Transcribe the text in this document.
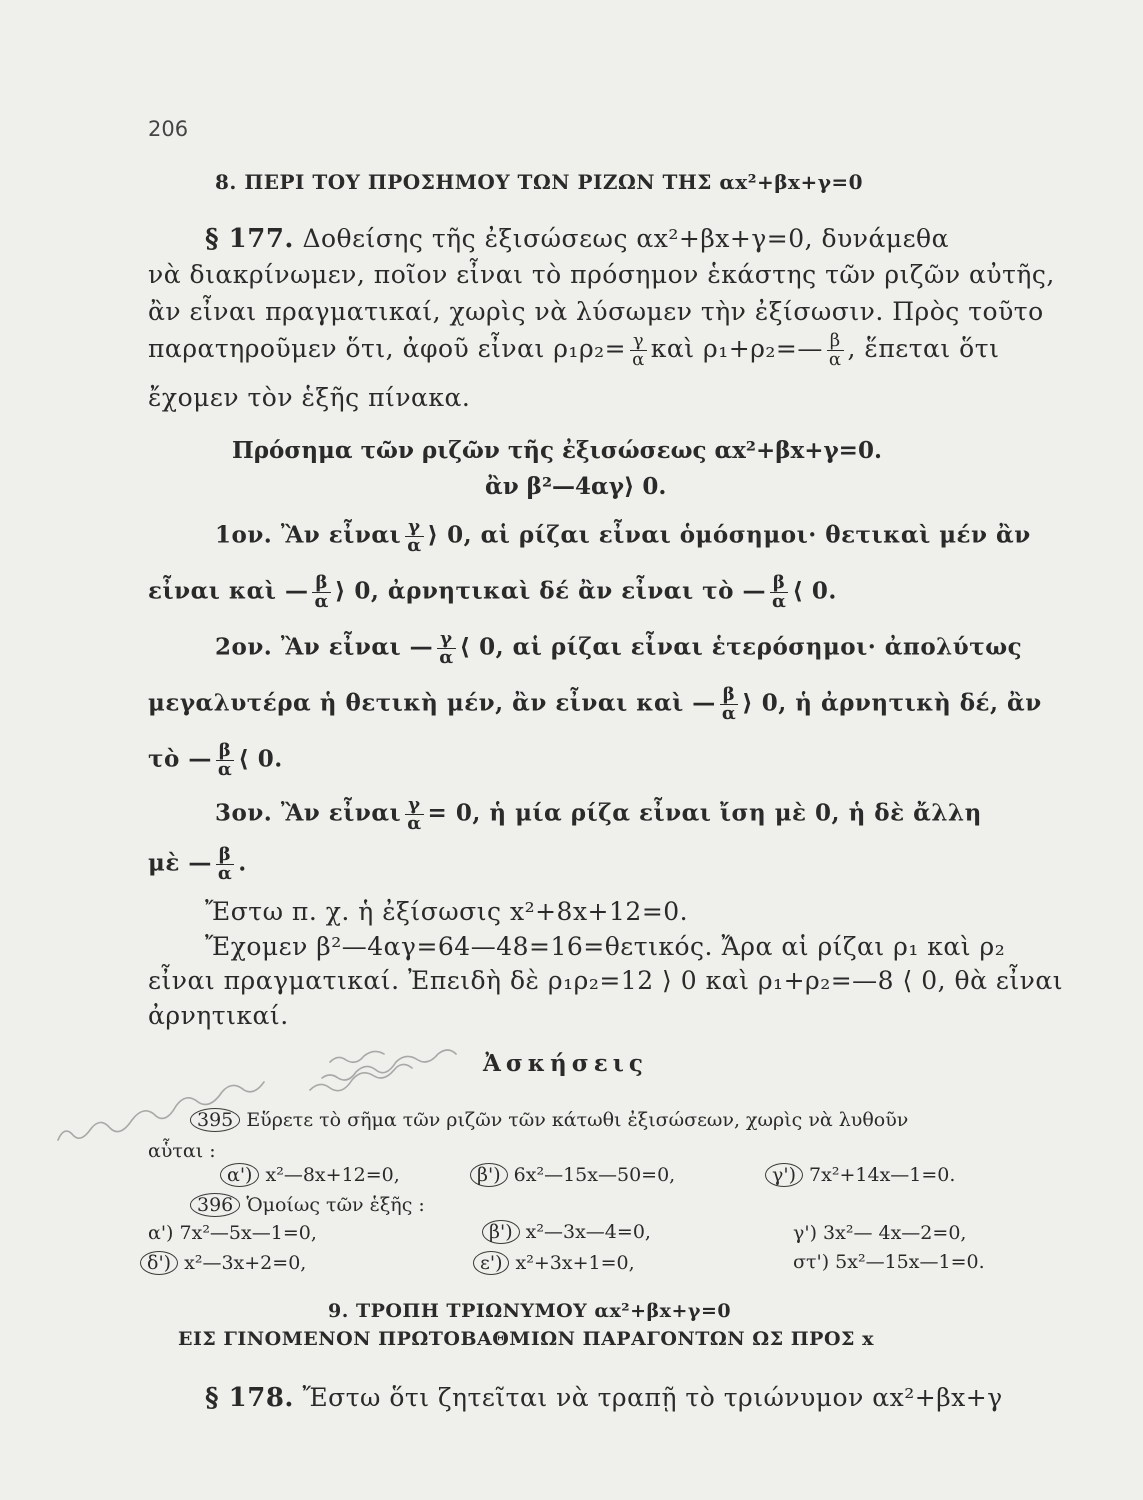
206
8. ΠΕΡΙ ΤΟΥ ΠΡΟΣΗΜΟΥ ΤΩΝ ΡΙΖΩΝ ΤΗΣ αx²+βx+γ=0
§ 177. Δοθείσης τῆς ἐξισώσεως αx²+βx+γ=0, δυνάμεθα
νὰ διακρίνωμεν, ποῖον εἶναι τὸ πρόσημον ἑκάστης τῶν ριζῶν αὐτῆς,
ἂν εἶναι πραγματικαί, χωρὶς νὰ λύσωμεν τὴν ἐξίσωσιν. Πρὸς τοῦτο
παρατηροῦμεν ὅτι, ἀφοῦ εἶναι $\rho_1\rho_2= \frac{\gamma}{\alpha}$ καὶ ρ₁+ρ₂=— $\frac{\beta}{\alpha}$ , ἕπεται ὅτι
ἔχομεν τὸν ἑξῆς πίνακα.
Πρόσημα τῶν ριζῶν τῆς ἐξισώσεως αx²+βx+γ=0.
ἂν β²—4αγ⟩ 0.
1ον. Ἂν εἶναι $\frac{\gamma}{\alpha}$ ⟩ 0, αἱ ρίζαι εἶναι ὁμόσημοι· θετικαὶ μέν ἂν
εἶναι καὶ — $\frac{\beta}{\alpha}$ ⟩ 0, ἀρνητικαὶ δέ ἂν εἶναι τὸ — $\frac{\beta}{\alpha}$ ⟨ 0.
2ον. Ἂν εἶναι — $\frac{\gamma}{\alpha}$ ⟨ 0, αἱ ρίζαι εἶναι ἑτερόσημοι· ἀπολύτως
μεγαλυτέρα ἡ θετικὴ μέν, ἂν εἶναι καὶ — $\frac{\beta}{\alpha}$ ⟩ 0, ἡ ἀρνητικὴ δέ, ἂν
τὸ — $\frac{\beta}{\alpha}$ ⟨ 0.
3ον. Ἂν εἶναι $\frac{\gamma}{\alpha} = 0$, ἡ μία ρίζα εἶναι ἴση μὲ 0, ἡ δὲ ἄλλη
μὲ — $\frac{\beta}{\alpha}$ .
Ἔστω π. χ. ἡ ἐξίσωσις x²+8x+12=0.
Ἔχομεν β²—4αγ=64—48=16=θετικός. Ἄρα αἱ ρίζαι ρ₁ καὶ ρ₂
εἶναι πραγματικαί. Ἐπειδὴ δὲ ρ₁ρ₂=12 ⟩ 0 καὶ ρ₁+ρ₂=—8 ⟨ 0, θὰ εἶναι
ἀρνητικαί.
Ἀσκήσεις
395 Εὕρετε τὸ σῆμα τῶν ριζῶν τῶν κάτωθι ἐξισώσεων, χωρὶς νὰ λυθοῦν
αὗται :
α') x²—8x+12=0,	β') 6x²—15x—50=0,	γ') 7x²+14x—1=0.
396 Ὁμοίως τῶν ἑξῆς :
α') 7x²—5x—1=0,	β') x²—3x—4=0,	γ') 3x²— 4x—2=0,
δ') x²—3x+2=0,	ε') x²+3x+1=0,	στ') 5x²—15x—1=0.
9. ΤΡΟΠΗ ΤΡΙΩΝΥΜΟΥ αx²+βx+γ=0
ΕΙΣ ΓΙΝΟΜΕΝΟΝ ΠΡΩΤΟΒΑΘΜΙΩΝ ΠΑΡΑΓΟΝΤΩΝ ΩΣ ΠΡΟΣ x
§ 178. Ἔστω ὅτι ζητεῖται νὰ τραπῇ τὸ τριώνυμον αx²+βx+γ
